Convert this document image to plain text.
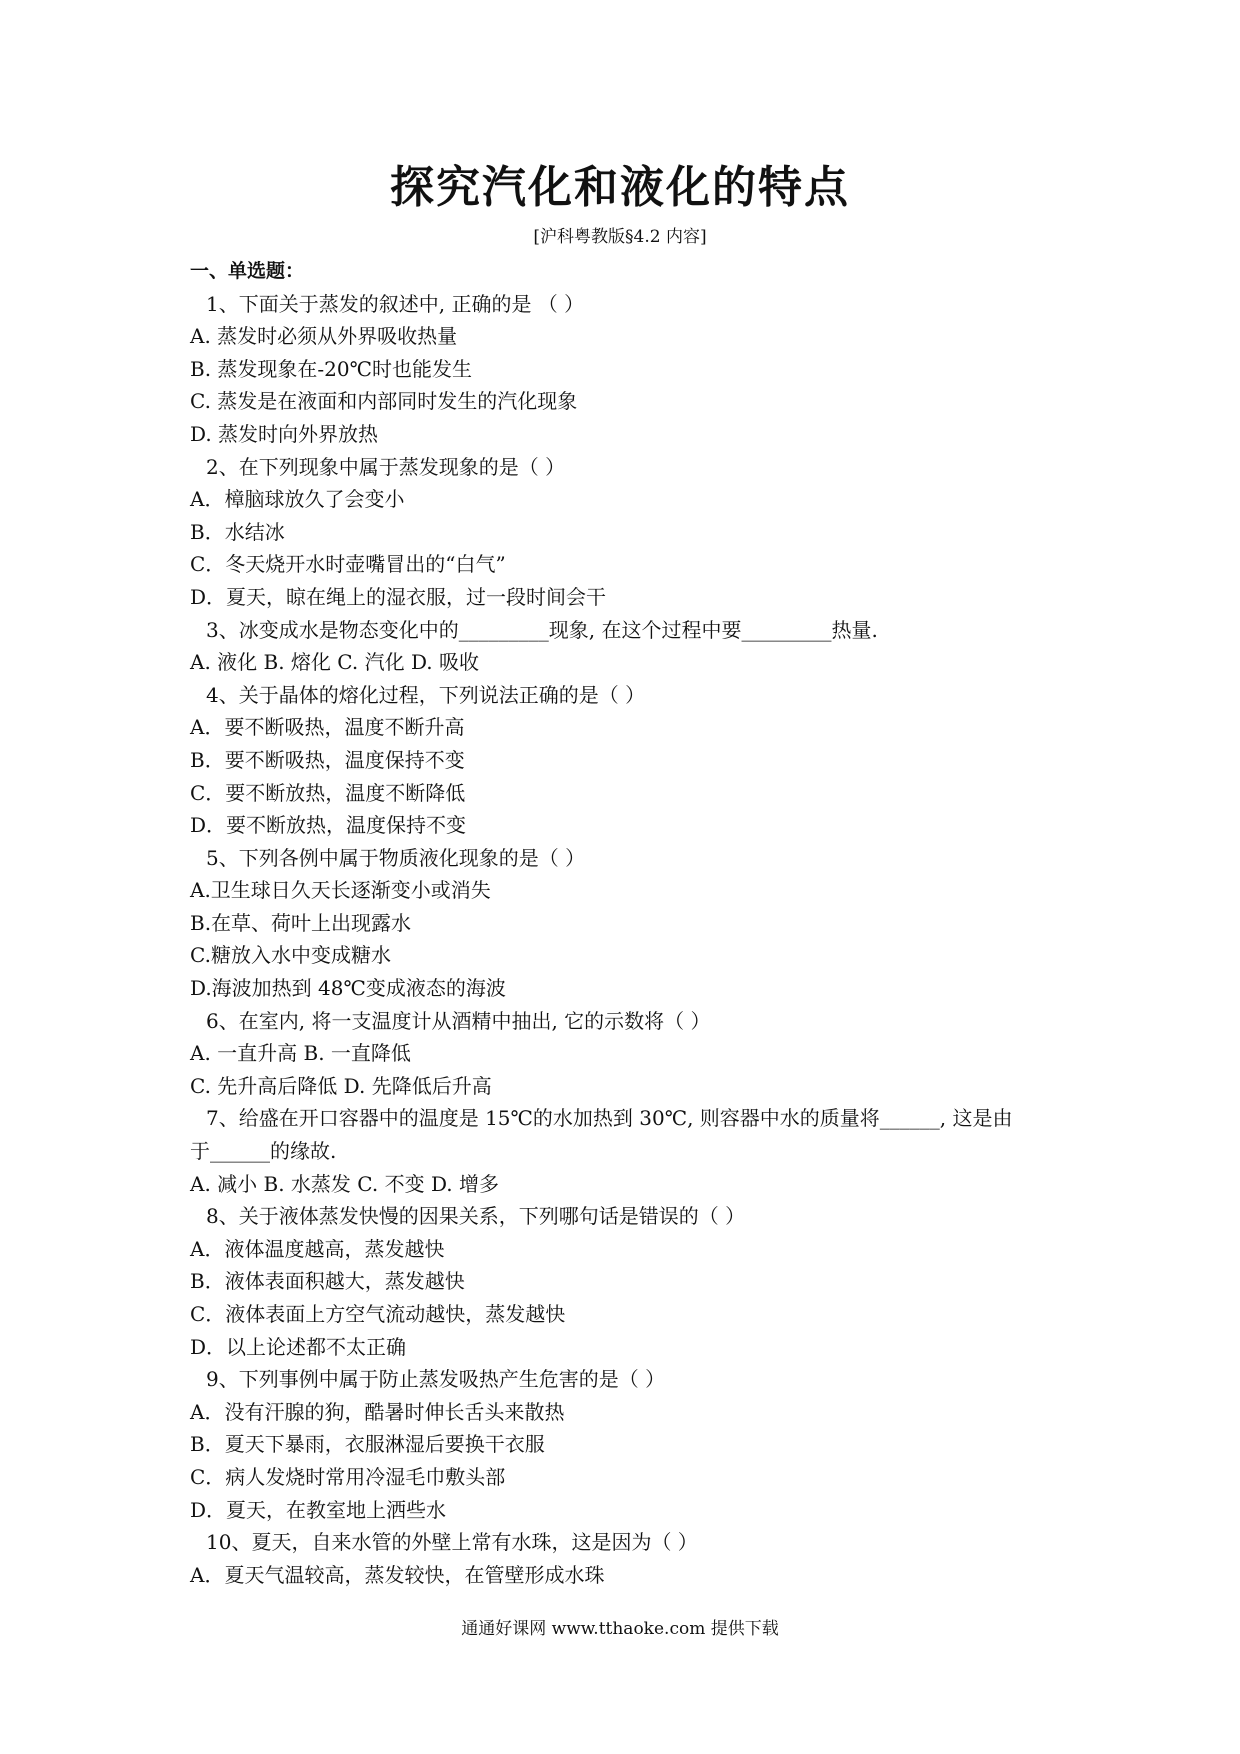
探究汽化和液化的特点
[沪科粤教版§4.2 内容]
一、单选题：
1、下面关于蒸发的叙述中, 正确的是 （ ）
A. 蒸发时必须从外界吸收热量
B. 蒸发现象在-20℃时也能发生
C. 蒸发是在液面和内部同时发生的汽化现象
D. 蒸发时向外界放热
2、在下列现象中属于蒸发现象的是（ ）
A．樟脑球放久了会变小
B．水结冰
C．冬天烧开水时壶嘴冒出的“白气”
D．夏天，晾在绳上的湿衣服，过一段时间会干
3、冰变成水是物态变化中的_________现象, 在这个过程中要_________热量.
A. 液化 B. 熔化 C. 汽化 D. 吸收
4、关于晶体的熔化过程，下列说法正确的是（ ）
A．要不断吸热，温度不断升高
B．要不断吸热，温度保持不变
C．要不断放热，温度不断降低
D．要不断放热，温度保持不变
5、下列各例中属于物质液化现象的是（ ）
A.卫生球日久天长逐渐变小或消失
B.在草、荷叶上出现露水
C.糖放入水中变成糖水
D.海波加热到 48℃变成液态的海波
6、在室内, 将一支温度计从酒精中抽出, 它的示数将（ ）
A. 一直升高 B. 一直降低
C. 先升高后降低 D. 先降低后升高
7、给盛在开口容器中的温度是 15℃的水加热到 30℃, 则容器中水的质量将______, 这是由
于______的缘故.
A. 减小 B. 水蒸发 C. 不变 D. 增多
8、关于液体蒸发快慢的因果关系，下列哪句话是错误的（ ）
A．液体温度越高，蒸发越快
B．液体表面积越大，蒸发越快
C．液体表面上方空气流动越快，蒸发越快
D．以上论述都不太正确
9、下列事例中属于防止蒸发吸热产生危害的是（ ）
A．没有汗腺的狗，酷暑时伸长舌头来散热
B．夏天下暴雨，衣服淋湿后要换干衣服
C．病人发烧时常用冷湿毛巾敷头部
D．夏天，在教室地上洒些水
10、夏天，自来水管的外壁上常有水珠，这是因为（ ）
A．夏天气温较高，蒸发较快，在管壁形成水珠
通通好课网 www.tthaoke.com 提供下载
